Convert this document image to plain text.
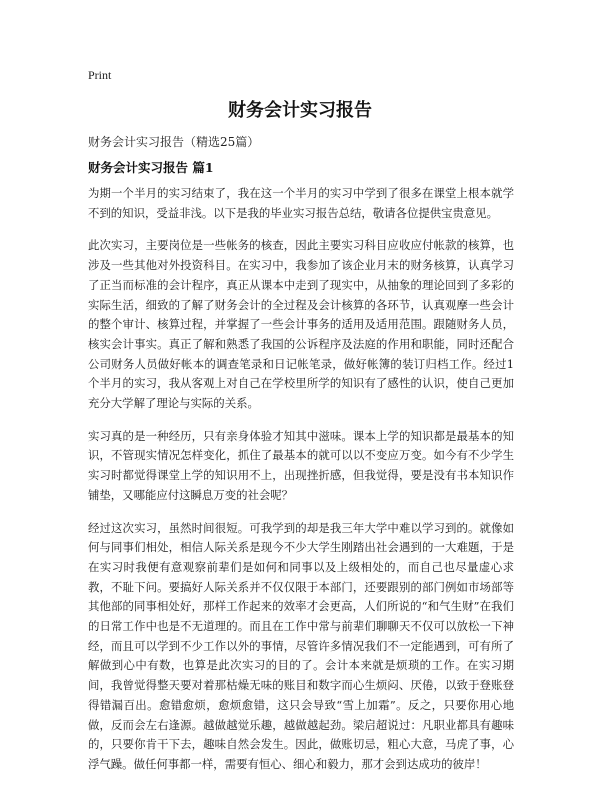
Print
财务会计实习报告
财务会计实习报告（精选25篇）
财务会计实习报告 篇1

为期一个半月的实习结束了，我在这一个半月的实习中学到了很多在课堂上根本就学不到的知识，受益非浅。以下是我的毕业实习报告总结，敬请各位提供宝贵意见。

此次实习，主要岗位是一些帐务的核查，因此主要实习科目应收应付帐款的核算，也涉及一些其他对外投资科目。在实习中，我参加了该企业月末的财务核算，认真学习了正当而标准的会计程序，真正从课本中走到了现实中，从抽象的理论回到了多彩的实际生活，细致的了解了财务会计的全过程及会计核算的各环节，认真观摩一些会计的整个审计、核算过程，并掌握了一些会计事务的适用及适用范围。跟随财务人员，核实会计事实。真正了解和熟悉了我国的公诉程序及法庭的作用和职能，同时还配合公司财务人员做好帐本的调查笔录和日记帐笔录，做好帐簿的装订归档工作。经过1个半月的实习，我从客观上对自己在学校里所学的知识有了感性的认识，使自己更加充分大学解了理论与实际的关系。

实习真的是一种经历，只有亲身体验才知其中滋味。课本上学的知识都是最基本的知识，不管现实情况怎样变化，抓住了最基本的就可以以不变应万变。如今有不少学生实习时都觉得课堂上学的知识用不上，出现挫折感，但我觉得，要是没有书本知识作铺垫，又哪能应付这瞬息万变的社会呢？

经过这次实习，虽然时间很短。可我学到的却是我三年大学中难以学习到的。就像如何与同事们相处，相信人际关系是现今不少大学生刚踏出社会遇到的一大难题，于是在实习时我便有意观察前辈们是如何和同事以及上级相处的，而自己也尽量虚心求教，不耻下问。要搞好人际关系并不仅仅限于本部门，还要跟别的部门例如市场部等其他部的同事相处好，那样工作起来的效率才会更高，人们所说的“和气生财”在我们的日常工作中也是不无道理的。而且在工作中常与前辈们聊聊天不仅可以放松一下神经，而且可以学到不少工作以外的事情，尽管许多情况我们不一定能遇到，可有所了解做到心中有数，也算是此次实习的目的了。会计本来就是烦琐的工作。在实习期间，我曾觉得整天要对着那枯燥无味的账目和数字而心生烦闷、厌倦，以致于登账登得错漏百出。愈错愈烦，愈烦愈错，这只会导致“雪上加霜”。反之，只要你用心地做，反而会左右逢源。越做越觉乐趣，越做越起劲。梁启超说过：凡职业都具有趣味的，只要你肯干下去，趣味自然会发生。因此，做账切忌，粗心大意，马虎了事，心浮气躁。做任何事都一样，需要有恒心、细心和毅力，那才会到达成功的彼岸！
